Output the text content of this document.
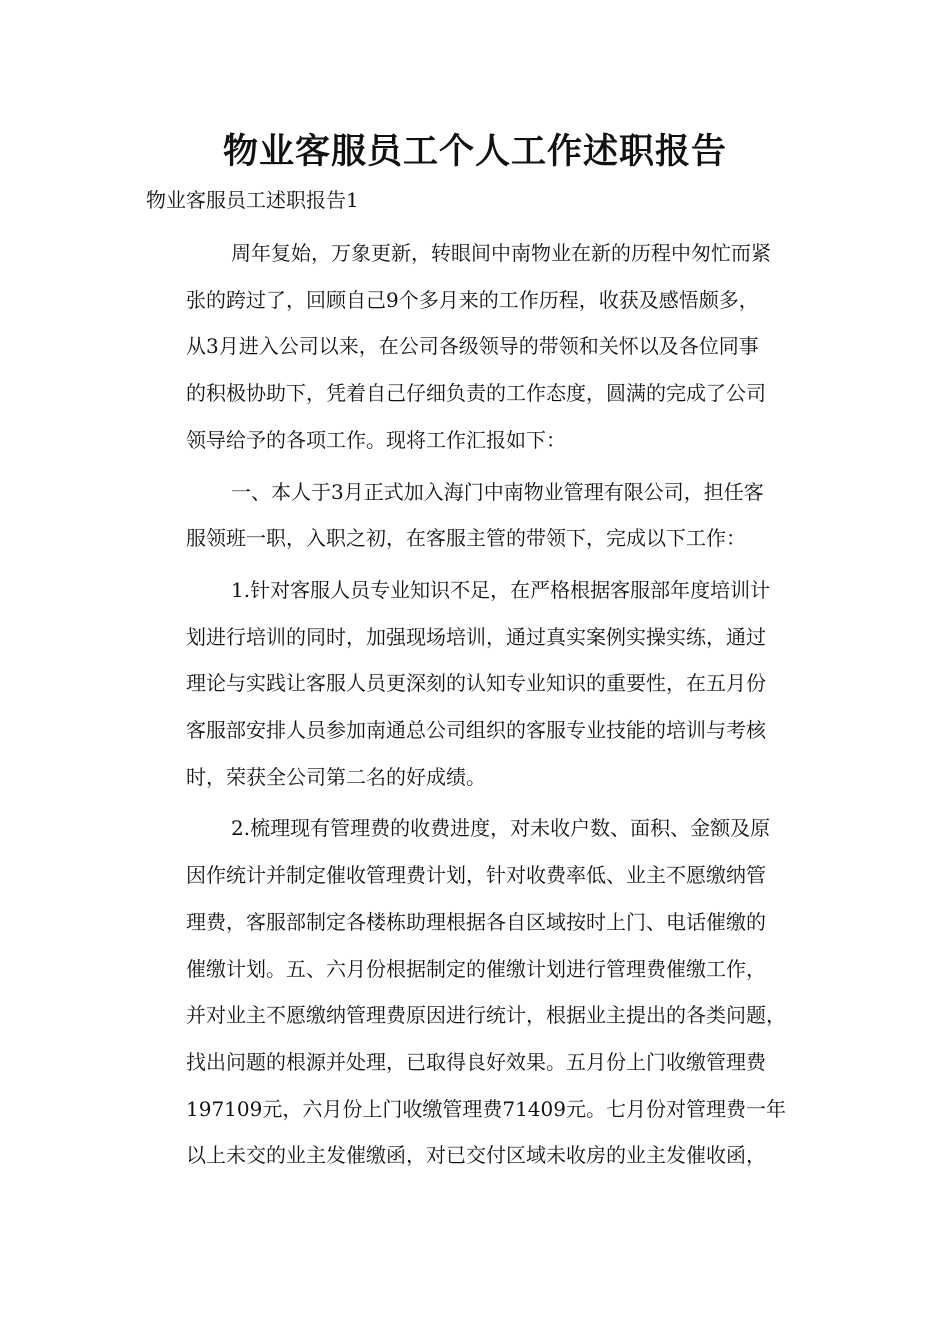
物业客服员工个人工作述职报告

物业客服员工述职报告1

周年复始，万象更新，转眼间中南物业在新的历程中匆忙而紧
张的跨过了，回顾自己9个多月来的工作历程，收获及感悟颇多，
从3月进入公司以来，在公司各级领导的带领和关怀以及各位同事
的积极协助下，凭着自己仔细负责的工作态度，圆满的完成了公司
领导给予的各项工作。现将工作汇报如下：
一、本人于3月正式加入海门中南物业管理有限公司，担任客
服领班一职，入职之初，在客服主管的带领下，完成以下工作：
1.针对客服人员专业知识不足，在严格根据客服部年度培训计
划进行培训的同时，加强现场培训，通过真实案例实操实练，通过
理论与实践让客服人员更深刻的认知专业知识的重要性，在五月份
客服部安排人员参加南通总公司组织的客服专业技能的培训与考核
时，荣获全公司第二名的好成绩。
2.梳理现有管理费的收费进度，对未收户数、面积、金额及原
因作统计并制定催收管理费计划，针对收费率低、业主不愿缴纳管
理费，客服部制定各楼栋助理根据各自区域按时上门、电话催缴的
催缴计划。五、六月份根据制定的催缴计划进行管理费催缴工作，
并对业主不愿缴纳管理费原因进行统计，根据业主提出的各类问题，
找出问题的根源并处理，已取得良好效果。五月份上门收缴管理费
197109元，六月份上门收缴管理费71409元。七月份对管理费一年
以上未交的业主发催缴函，对已交付区域未收房的业主发催收函，
